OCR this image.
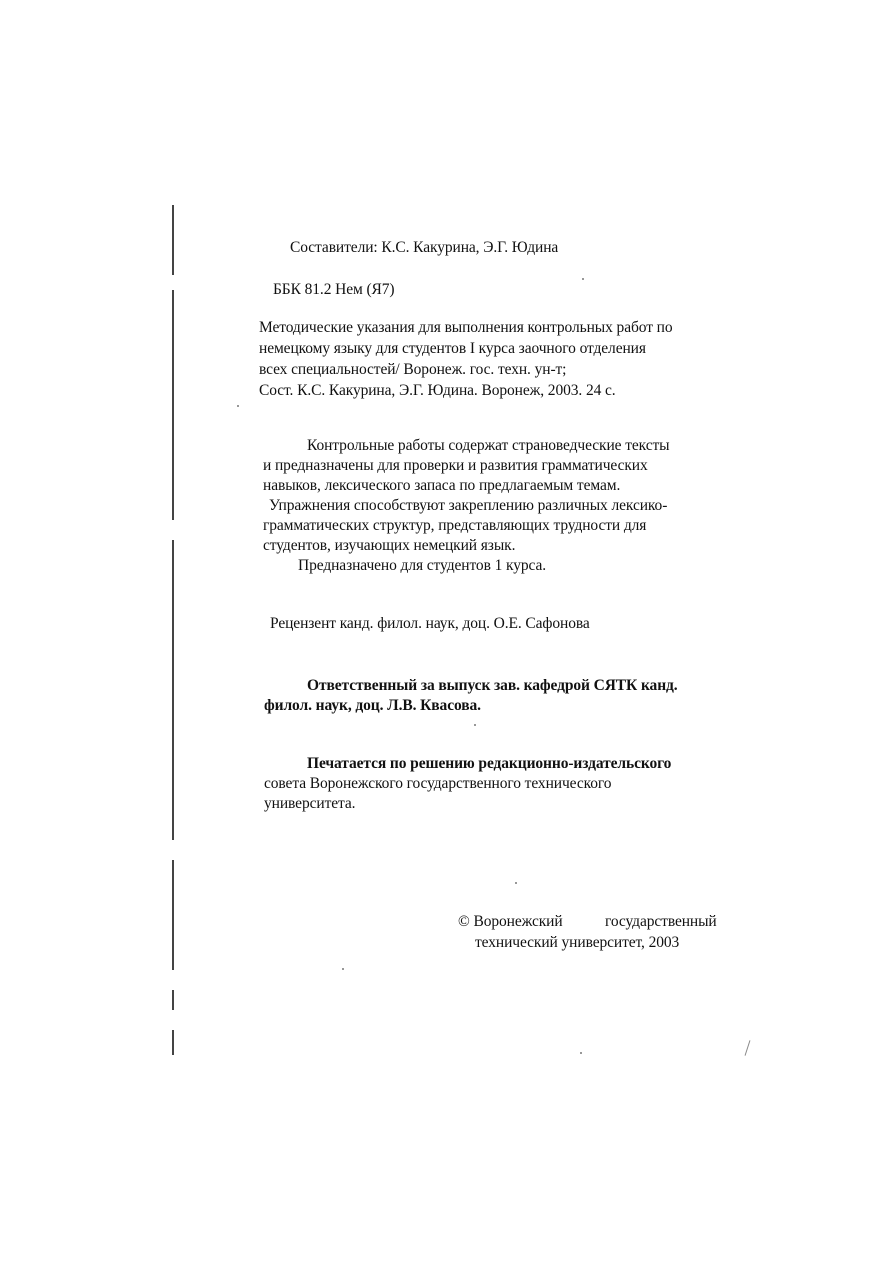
Составители: К.С. Какурина, Э.Г. Юдина
ББК 81.2 Нем (Я7)
Методические указания для выполнения контрольных работ по
немецкому языку для студентов I курса заочного отделения
всех специальностей/ Воронеж. гос. техн. ун-т;
Сост. К.С. Какурина, Э.Г. Юдина. Воронеж, 2003. 24 с.
Контрольные работы содержат страноведческие тексты
и предназначены для проверки и развития грамматических
навыков, лексического запаса по предлагаемым темам.
Упражнения способствуют закреплению различных лексико-
грамматических структур, представляющих трудности для
студентов, изучающих немецкий язык.
Предназначено для студентов 1 курса.
Рецензент канд. филол. наук, доц. О.Е. Сафонова
Ответственный за выпуск зав. кафедрой СЯТК канд.
филол. наук, доц. Л.В. Квасова.
Печатается по решению редакционно-издательского
совета Воронежского государственного технического
университета.
© Воронежский	государственный
технический университет, 2003
